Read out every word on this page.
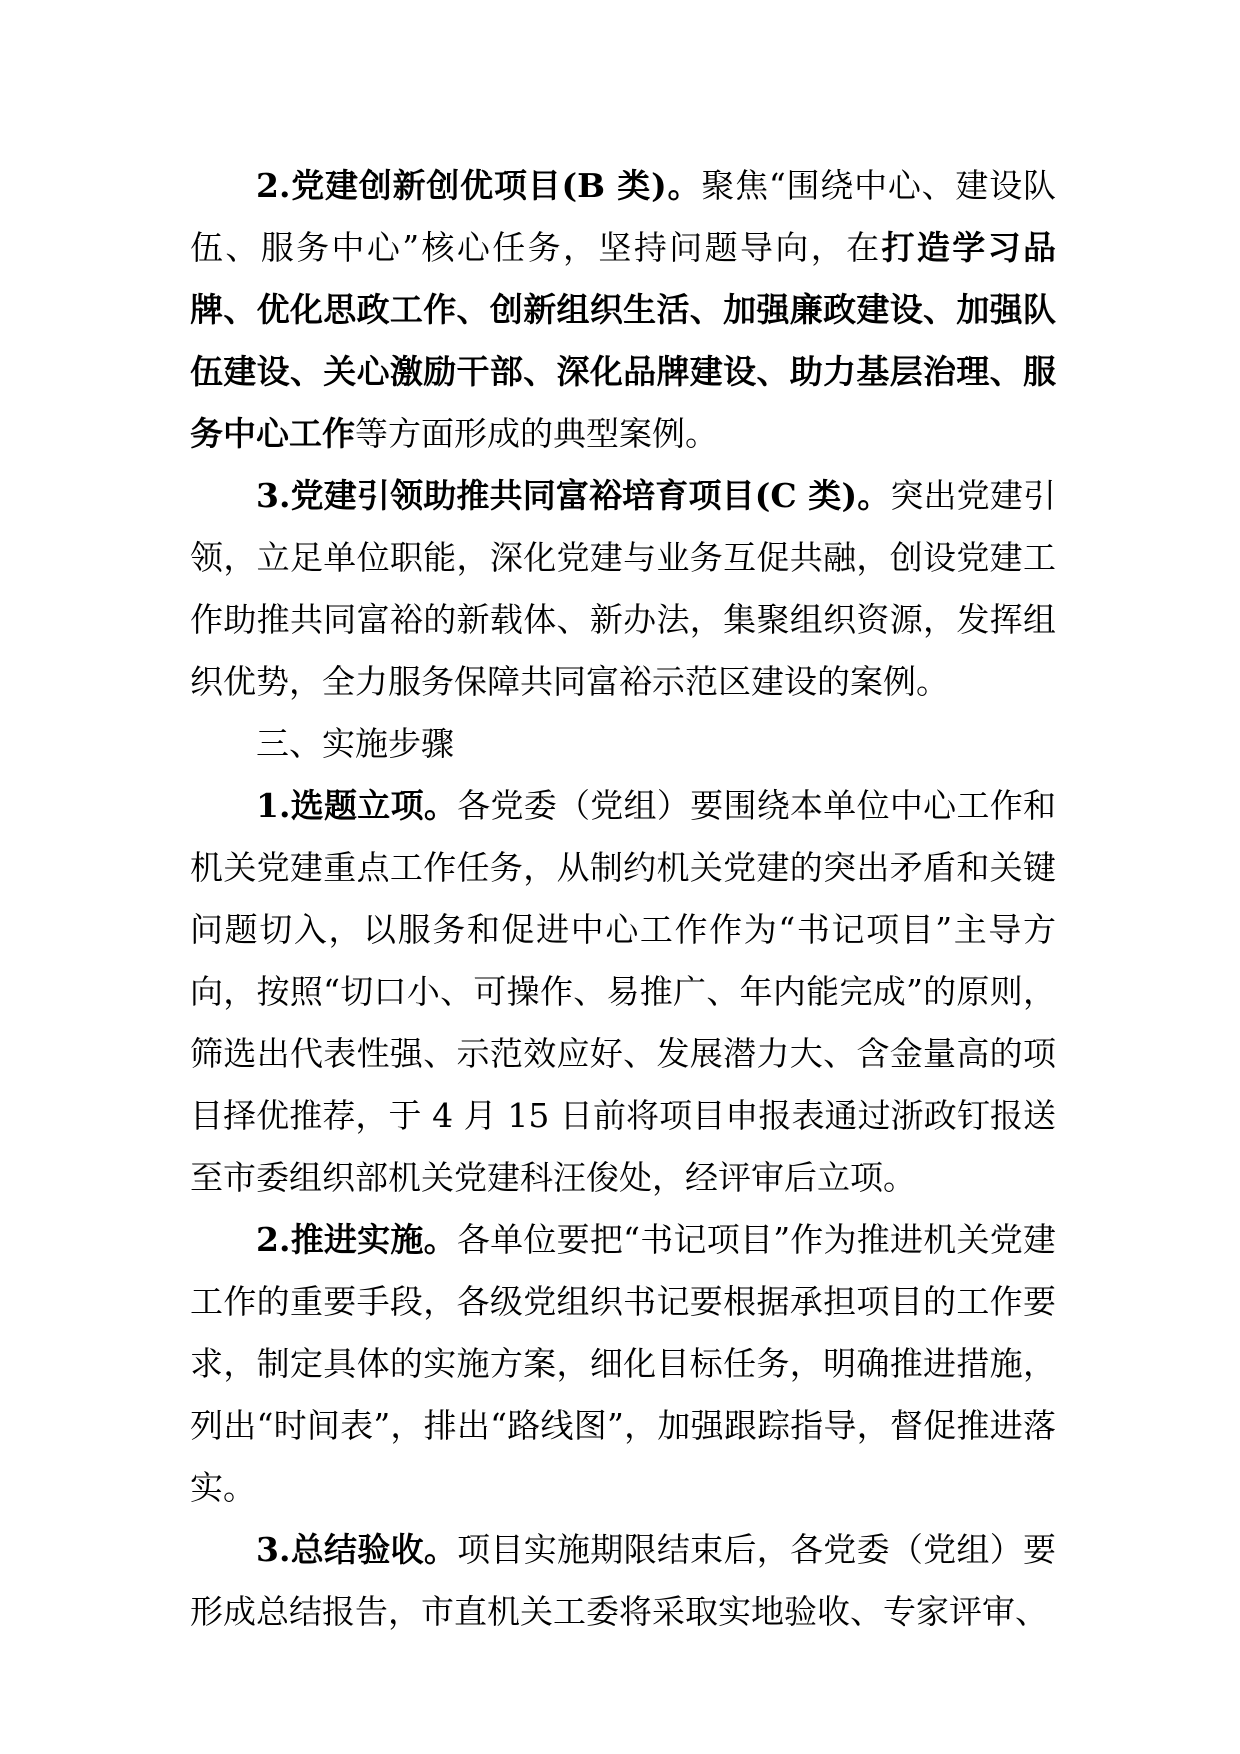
2.党建创新创优项目(B 类)。聚焦“围绕中心、建设队伍、服务中心”核心任务，坚持问题导向，在打造学习品牌、优化思政工作、创新组织生活、加强廉政建设、加强队伍建设、关心激励干部、深化品牌建设、助力基层治理、服务中心工作等方面形成的典型案例。

3.党建引领助推共同富裕培育项目(C 类)。突出党建引领，立足单位职能，深化党建与业务互促共融，创设党建工作助推共同富裕的新载体、新办法，集聚组织资源，发挥组织优势，全力服务保障共同富裕示范区建设的案例。

三、实施步骤

1.选题立项。各党委（党组）要围绕本单位中心工作和机关党建重点工作任务，从制约机关党建的突出矛盾和关键问题切入，以服务和促进中心工作作为“书记项目”主导方向，按照“切口小、可操作、易推广、年内能完成”的原则，筛选出代表性强、示范效应好、发展潜力大、含金量高的项目择优推荐，于 4 月 15 日前将项目申报表通过浙政钉报送至市委组织部机关党建科汪俊处，经评审后立项。

2.推进实施。各单位要把“书记项目”作为推进机关党建工作的重要手段，各级党组织书记要根据承担项目的工作要求，制定具体的实施方案，细化目标任务，明确推进措施，列出“时间表”，排出“路线图”，加强跟踪指导，督促推进落实。

3.总结验收。项目实施期限结束后，各党委（党组）要形成总结报告，市直机关工委将采取实地验收、专家评审、
